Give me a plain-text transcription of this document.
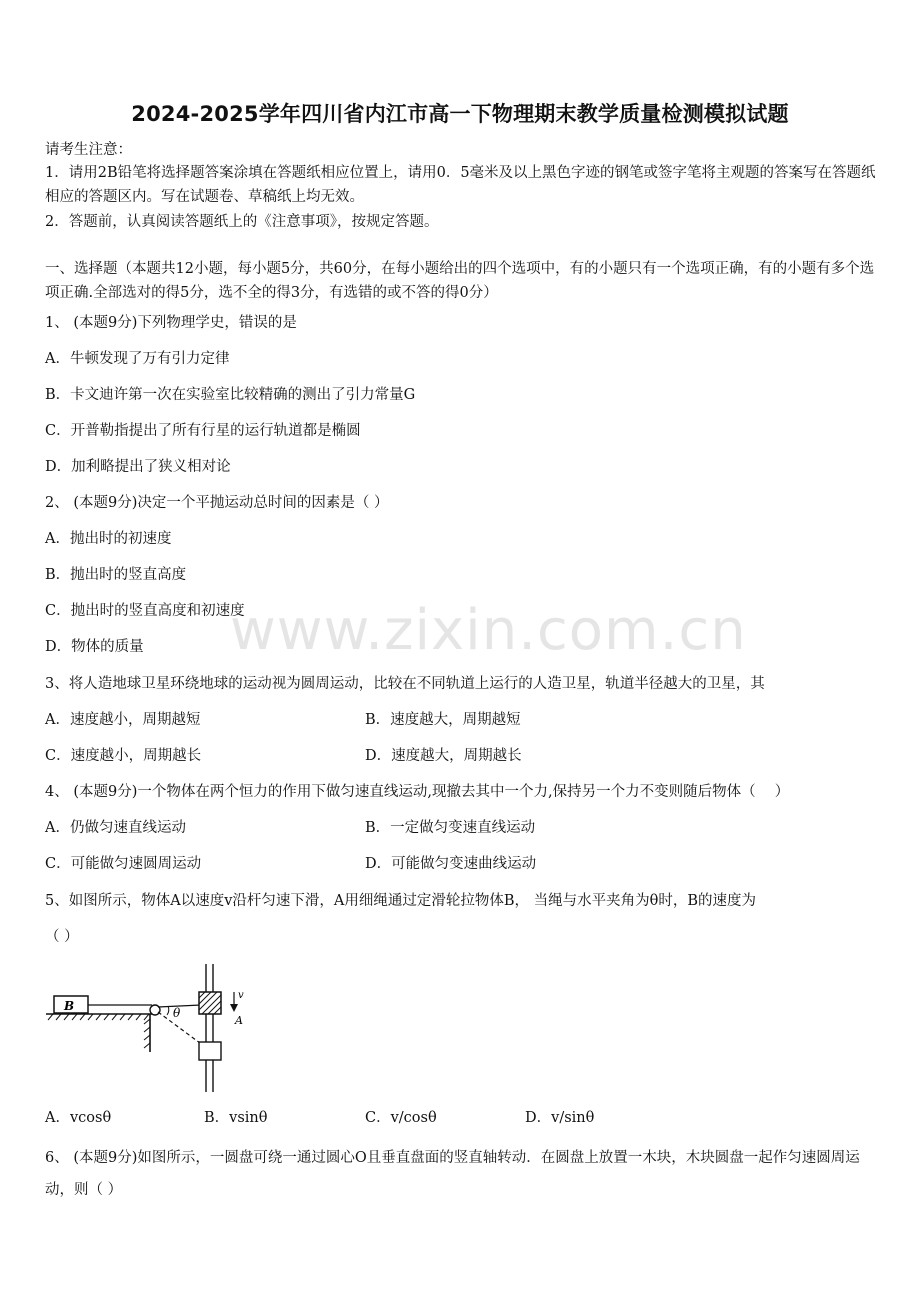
2024-2025学年四川省内江市高一下物理期末教学质量检测模拟试题
请考生注意：
1．请用2B铅笔将选择题答案涂填在答题纸相应位置上，请用0．5毫米及以上黑色字迹的钢笔或签字笔将主观题的答案写在答题纸相应的答题区内。写在试题卷、草稿纸上均无效。
2．答题前，认真阅读答题纸上的《注意事项》，按规定答题。
一、选择题（本题共12小题，每小题5分，共60分，在每小题给出的四个选项中，有的小题只有一个选项正确，有的小题有多个选项正确.全部选对的得5分，选不全的得3分，有选错的或不答的得0分）
1、 (本题9分)下列物理学史，错误的是
A．牛顿发现了万有引力定律
B．卡文迪许第一次在实验室比较精确的测出了引力常量G
C．开普勒指提出了所有行星的运行轨道都是椭圆
D．加利略提出了狭义相对论
2、 (本题9分)决定一个平抛运动总时间的因素是（ ）
A．抛出时的初速度
B．抛出时的竖直高度
C．抛出时的竖直高度和初速度
D．物体的质量 www.zixin.com.cn
3、将人造地球卫星环绕地球的运动视为圆周运动，比较在不同轨道上运行的人造卫星，轨道半径越大的卫星，其
A．速度越小，周期越短	B．速度越大，周期越短
C．速度越小，周期越长	D．速度越大，周期越长
4、 (本题9分)一个物体在两个恒力的作用下做匀速直线运动,现撤去其中一个力,保持另一个力不变则随后物体（　 ）
A．仍做匀速直线运动	B．一定做匀变速直线运动
C．可能做匀速圆周运动	D．可能做匀变速曲线运动
5、如图所示，物体A以速度v沿杆匀速下滑，A用细绳通过定滑轮拉物体B， 当绳与水平夹角为θ时，B的速度为
（ ）
B	θ
v
A
A．vcosθ	B．vsinθ	C．v/cosθ	D．v/sinθ
6、 (本题9分)如图所示，一圆盘可绕一通过圆心O且垂直盘面的竖直轴转动．在圆盘上放置一木块，木块圆盘一起作匀速圆周运动，则（ ）
